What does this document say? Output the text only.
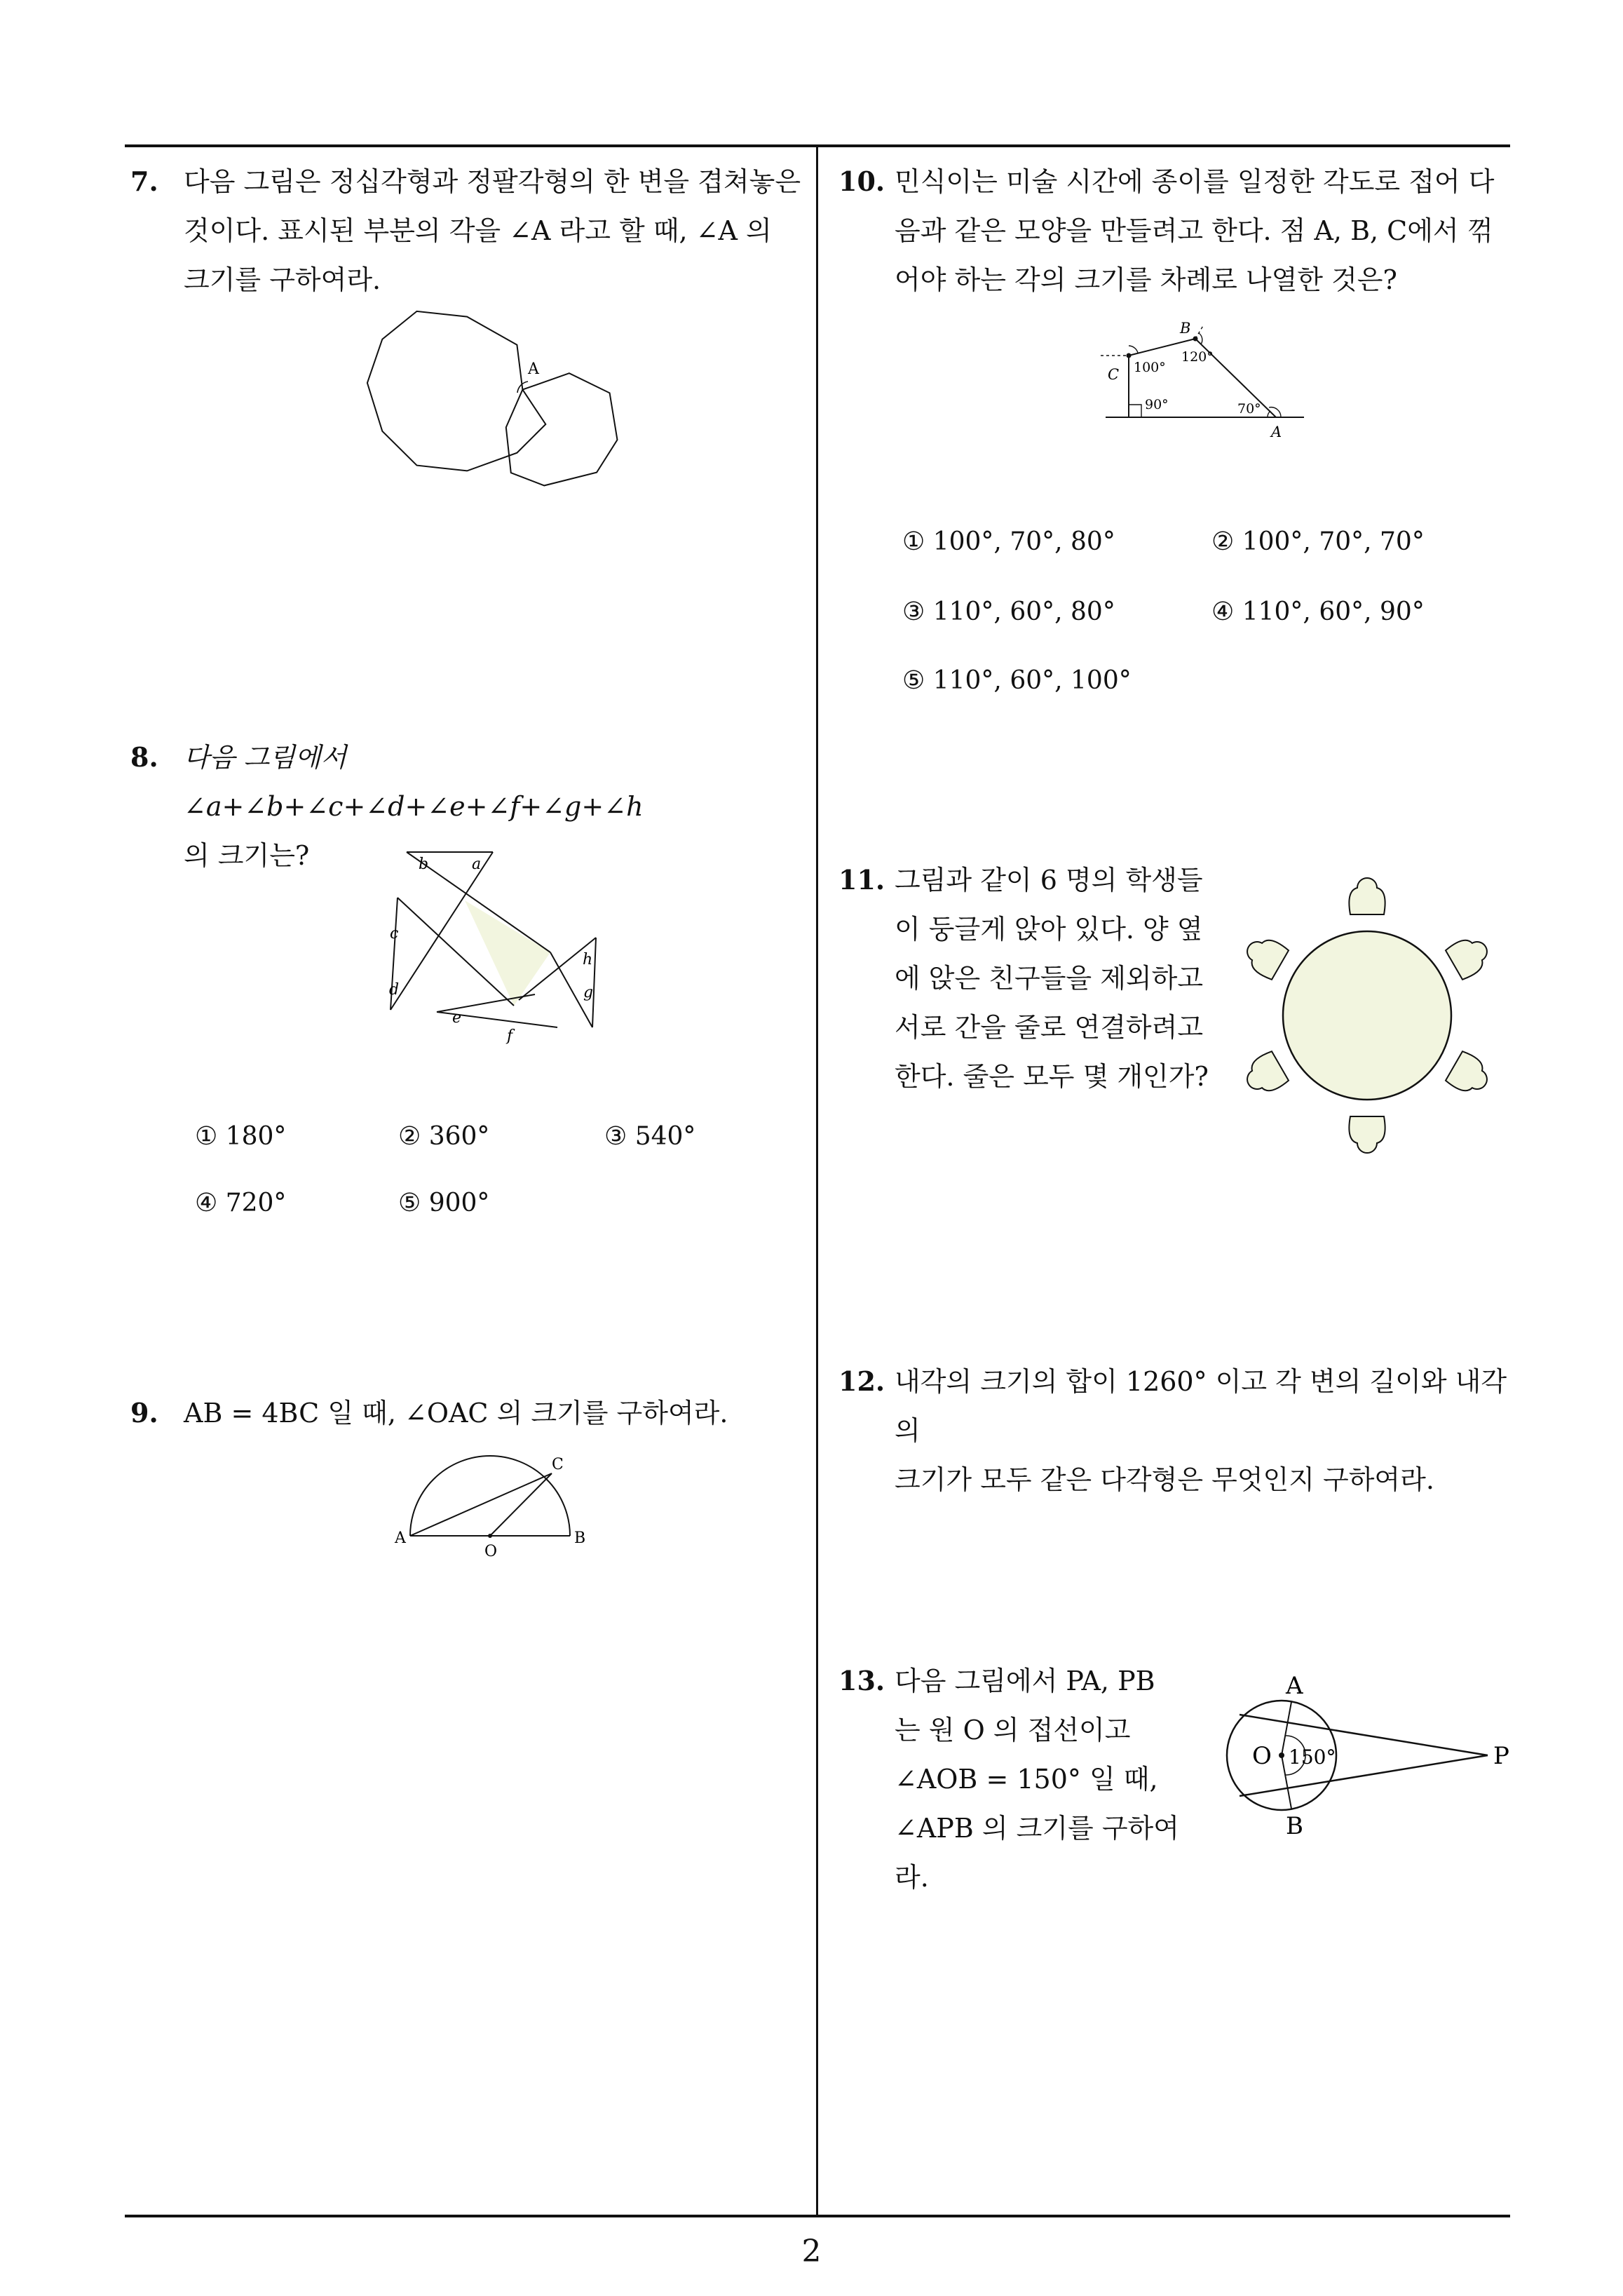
7. 다음 그림은 정십각형과 정팔각형의 한 변을 겹쳐놓은
것이다. 표시된 부분의 각을 ∠A 라고 할 때, ∠A 의
크기를 구하여라.
A
8. 다음 그림에서 ∠a+∠b+∠c+∠d+∠e+∠f+∠g+∠h
의 크기는?	b	a
c
d
e
f
h
g
① 180°	② 360°	③ 540°
④ 720°	⑤ 900°
9. AB = 4BC 일 때, ∠OAC 의 크기를 구하여라.
A
O
B
C
10. 민식이는 미술 시간에 종이를 일정한 각도로 접어 다
음과 같은 모양을 만들려고 한다. 점 A, B, C에서 꺾
어야 하는 각의 크기를 차례로 나열한 것은?
B
C
A
100°
120°
90°	70°
① 100°, 70°, 80°	② 100°, 70°, 70°
③ 110°, 60°, 80°	④ 110°, 60°, 90°
⑤ 110°, 60°, 100°
11. 그림과 같이 6 명의 학생들
이 둥글게 앉아 있다. 양 옆
에 앉은 친구들을 제외하고
서로 간을 줄로 연결하려고
한다. 줄은 모두 몇 개인가?
12. 내각의 크기의 합이 1260° 이고 각 변의 길이와 내각의
크기가 모두 같은 다각형은 무엇인지 구하여라.
13. 다음 그림에서 PA, PB
는 원 O 의 접선이고
∠AOB = 150° 일 때,
∠APB 의 크기를 구하여
라.
A
B
O	P
150°
2
